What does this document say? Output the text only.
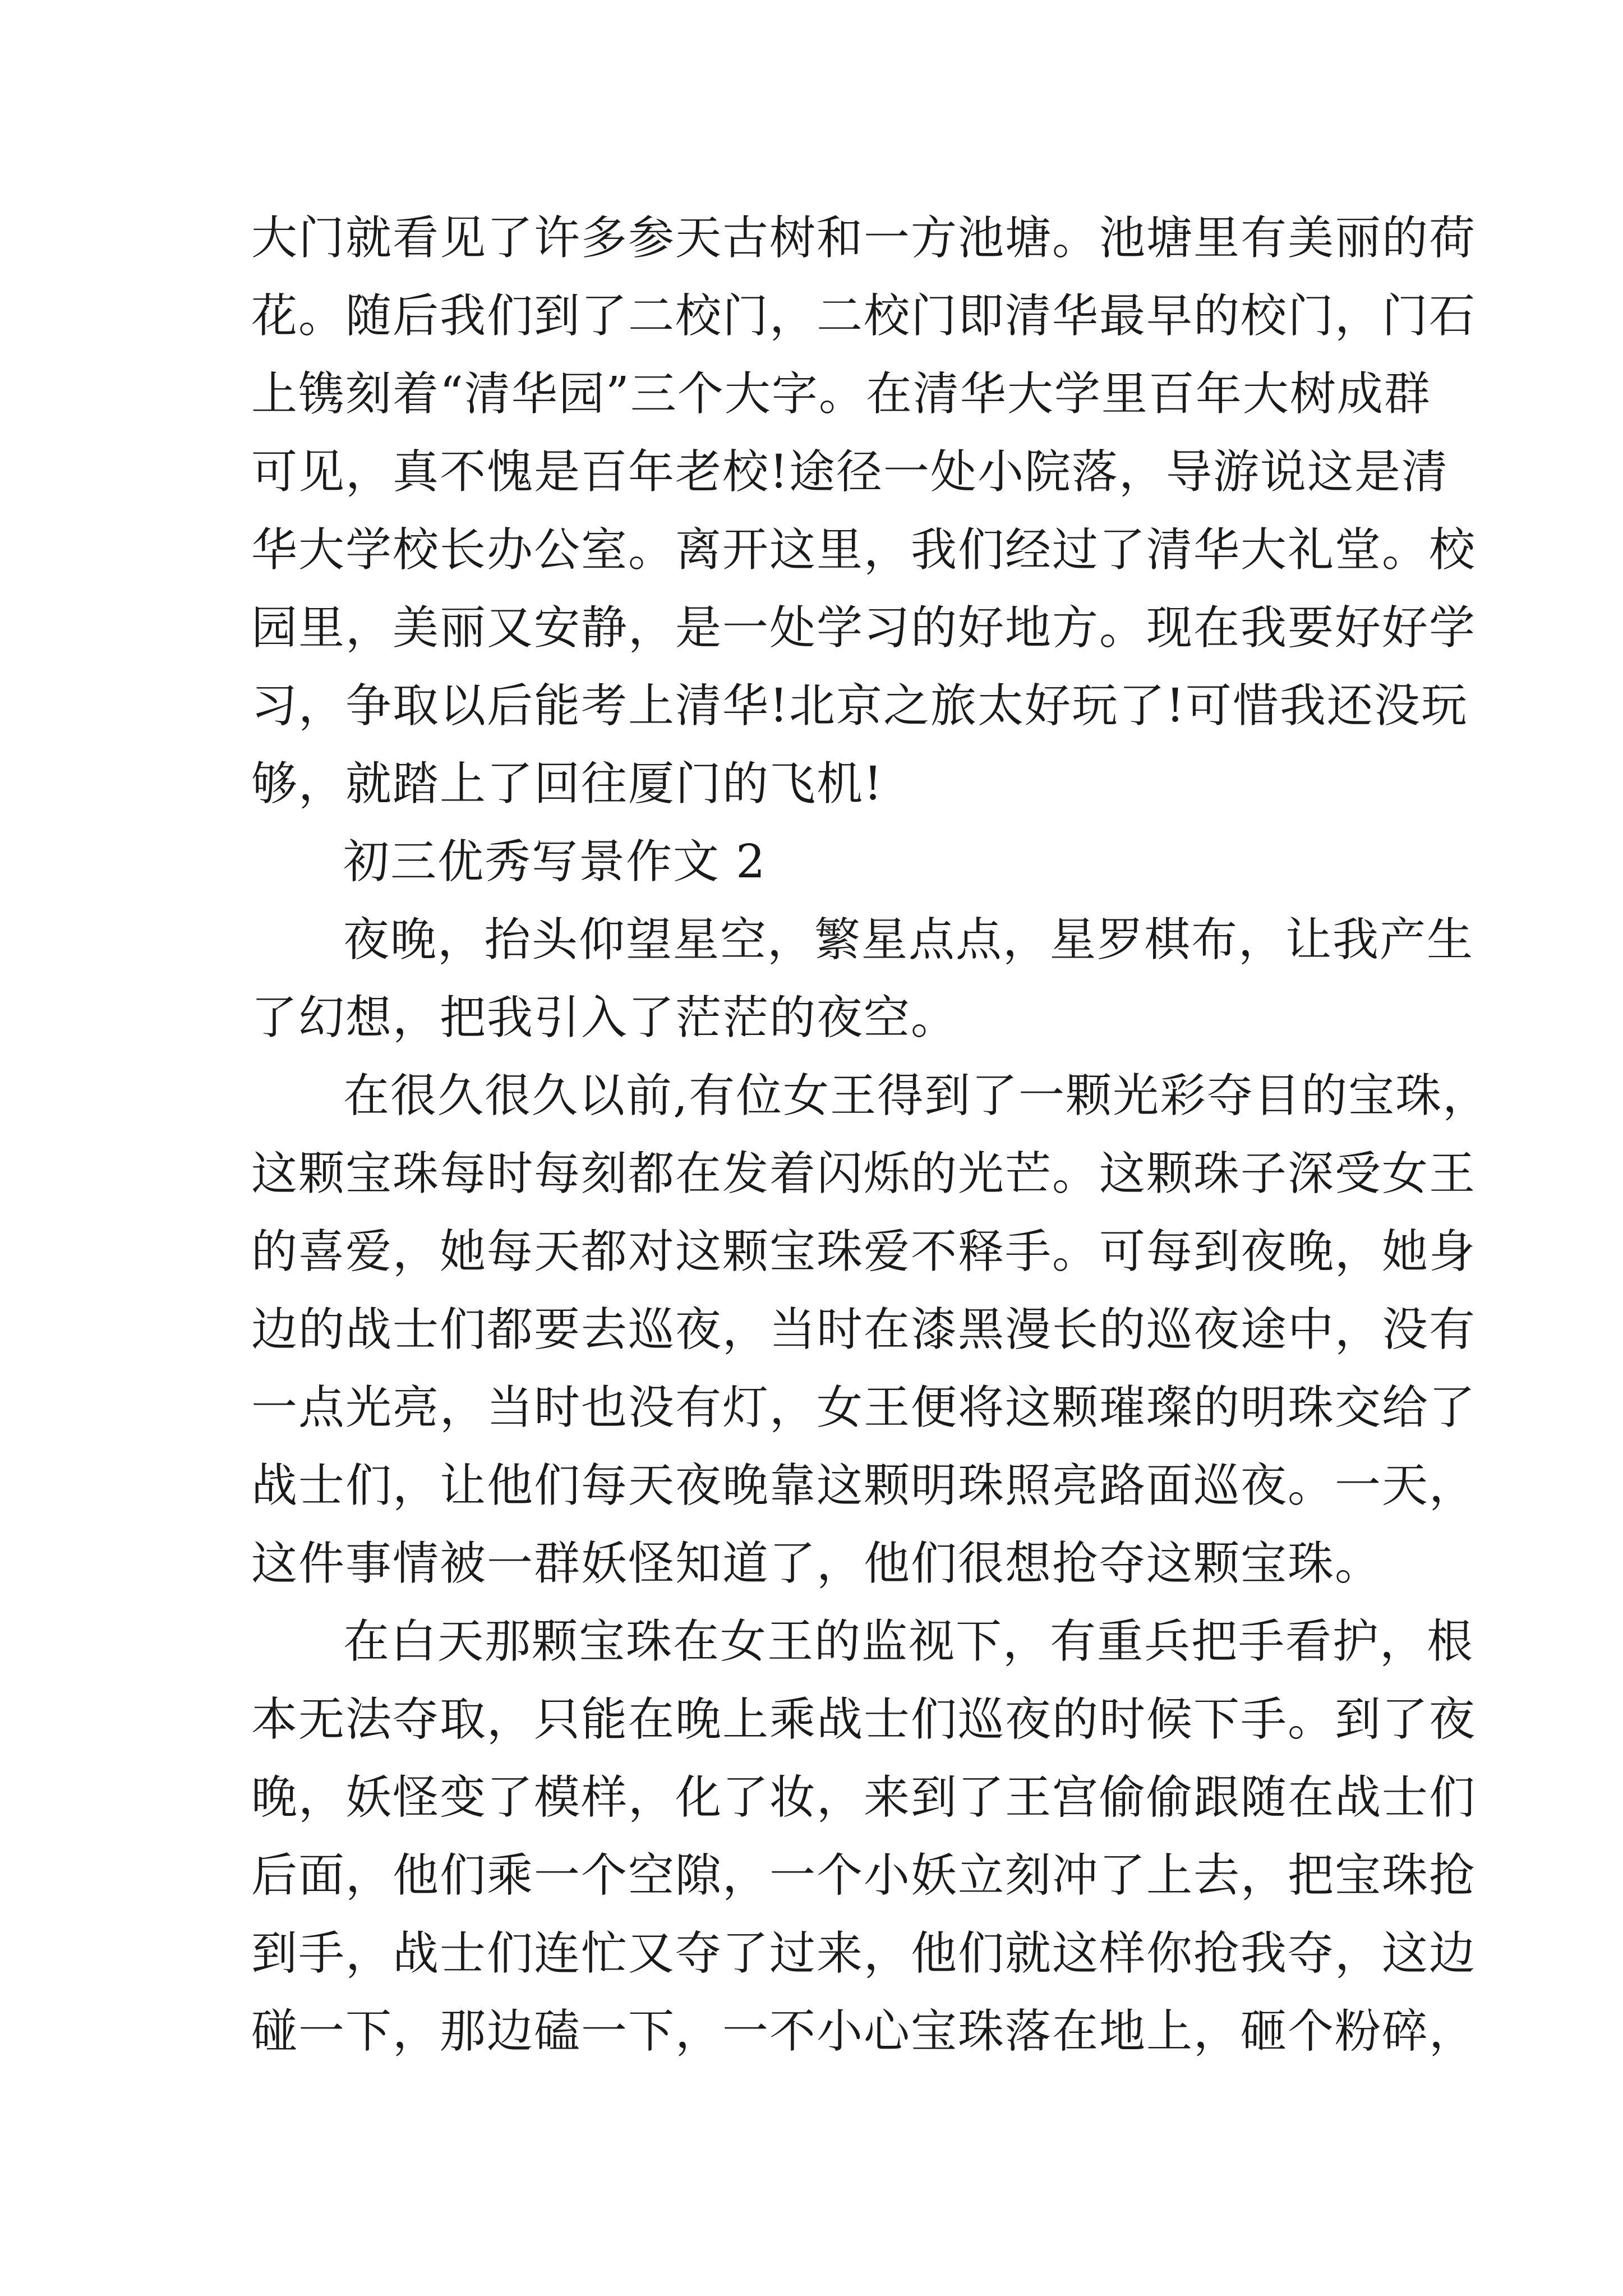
大门就看见了许多参天古树和一方池塘。池塘里有美丽的荷
花。随后我们到了二校门，二校门即清华最早的校门，门石
上镌刻着“清华园”三个大字。在清华大学里百年大树成群
可见，真不愧是百年老校!途径一处小院落，导游说这是清
华大学校长办公室。离开这里，我们经过了清华大礼堂。校
园里，美丽又安静，是一处学习的好地方。现在我要好好学
习，争取以后能考上清华!北京之旅太好玩了!可惜我还没玩
够，就踏上了回往厦门的飞机!
初三优秀写景作文 2
夜晚，抬头仰望星空，繁星点点，星罗棋布，让我产生
了幻想，把我引入了茫茫的夜空。
在很久很久以前,有位女王得到了一颗光彩夺目的宝珠，
这颗宝珠每时每刻都在发着闪烁的光芒。这颗珠子深受女王
的喜爱，她每天都对这颗宝珠爱不释手。可每到夜晚，她身
边的战士们都要去巡夜，当时在漆黑漫长的巡夜途中，没有
一点光亮，当时也没有灯，女王便将这颗璀璨的明珠交给了
战士们，让他们每天夜晚靠这颗明珠照亮路面巡夜。一天，
这件事情被一群妖怪知道了，他们很想抢夺这颗宝珠。
在白天那颗宝珠在女王的监视下，有重兵把手看护，根
本无法夺取，只能在晚上乘战士们巡夜的时候下手。到了夜
晚，妖怪变了模样，化了妆，来到了王宫偷偷跟随在战士们
后面，他们乘一个空隙，一个小妖立刻冲了上去，把宝珠抢
到手，战士们连忙又夺了过来，他们就这样你抢我夺，这边
碰一下，那边磕一下，一不小心宝珠落在地上，砸个粉碎，
